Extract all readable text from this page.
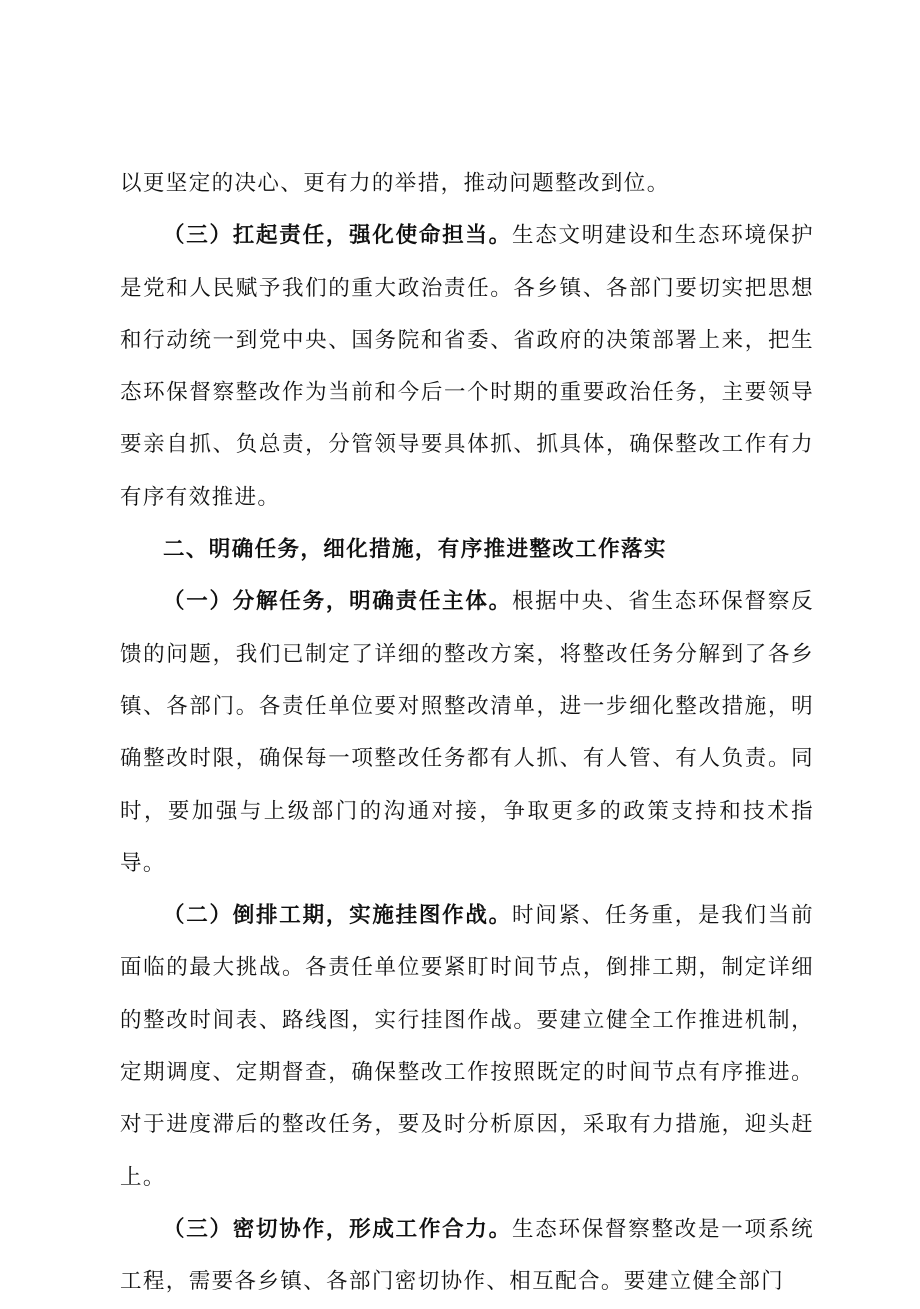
以更坚定的决心、更有力的举措，推动问题整改到位。

（三）扛起责任，强化使命担当。生态文明建设和生态环境保护是党和人民赋予我们的重大政治责任。各乡镇、各部门要切实把思想和行动统一到党中央、国务院和省委、省政府的决策部署上来，把生态环保督察整改作为当前和今后一个时期的重要政治任务，主要领导要亲自抓、负总责，分管领导要具体抓、抓具体，确保整改工作有力有序有效推进。

二、明确任务，细化措施，有序推进整改工作落实

（一）分解任务，明确责任主体。根据中央、省生态环保督察反馈的问题，我们已制定了详细的整改方案，将整改任务分解到了各乡镇、各部门。各责任单位要对照整改清单，进一步细化整改措施，明确整改时限，确保每一项整改任务都有人抓、有人管、有人负责。同时，要加强与上级部门的沟通对接，争取更多的政策支持和技术指导。

（二）倒排工期，实施挂图作战。时间紧、任务重，是我们当前面临的最大挑战。各责任单位要紧盯时间节点，倒排工期，制定详细的整改时间表、路线图，实行挂图作战。要建立健全工作推进机制，定期调度、定期督查，确保整改工作按照既定的时间节点有序推进。对于进度滞后的整改任务，要及时分析原因，采取有力措施，迎头赶上。

（三）密切协作，形成工作合力。生态环保督察整改是一项系统工程，需要各乡镇、各部门密切协作、相互配合。要建立健全部门
